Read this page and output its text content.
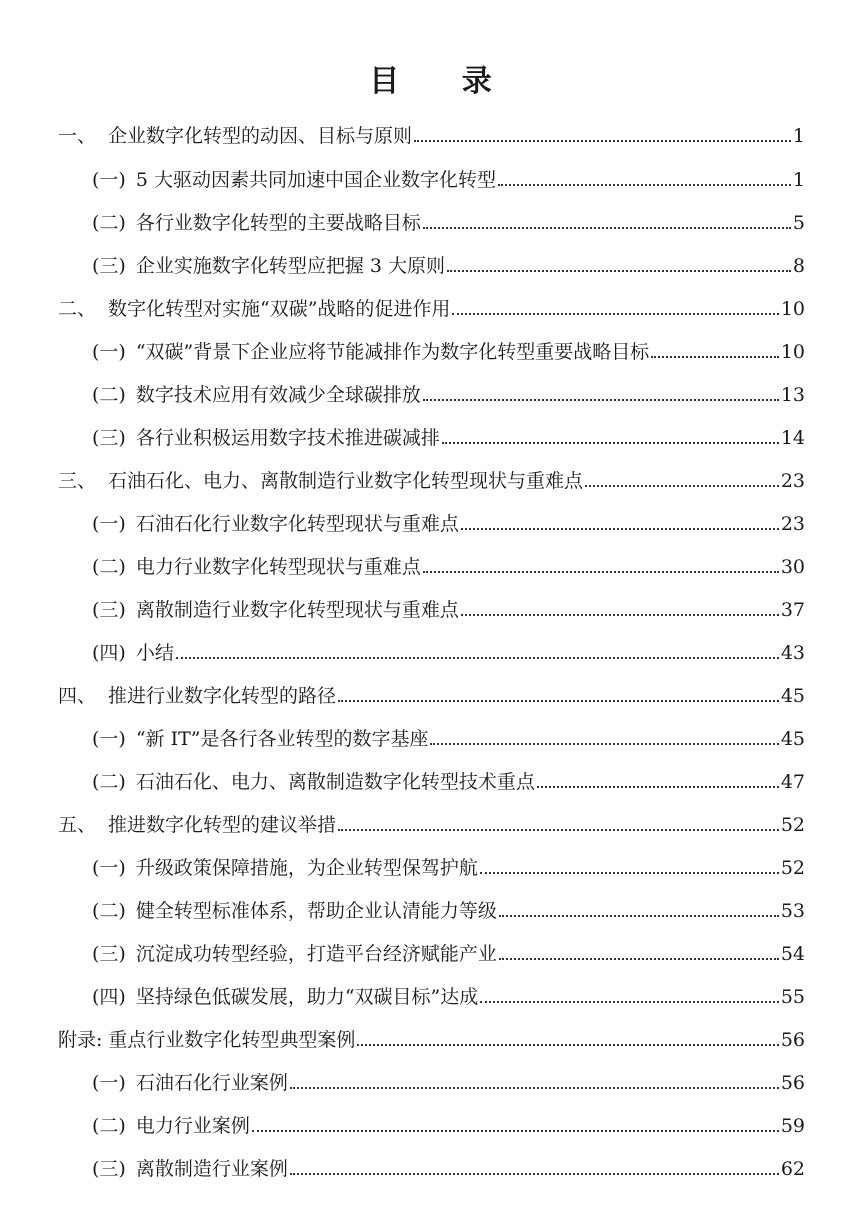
目 录
一、 企业数字化转型的动因、目标与原则	1
(一) 5 大驱动因素共同加速中国企业数字化转型	1
(二) 各行业数字化转型的主要战略目标	5
(三) 企业实施数字化转型应把握 3 大原则	8
二、 数字化转型对实施“双碳”战略的促进作用	10
(一) “双碳”背景下企业应将节能减排作为数字化转型重要战略目标	10
(二) 数字技术应用有效减少全球碳排放	13
(三) 各行业积极运用数字技术推进碳减排	14
三、 石油石化、电力、离散制造行业数字化转型现状与重难点	23
(一) 石油石化行业数字化转型现状与重难点	23
(二) 电力行业数字化转型现状与重难点	30
(三) 离散制造行业数字化转型现状与重难点	37
(四) 小结	43
四、 推进行业数字化转型的路径	45
(一) “新 IT”是各行各业转型的数字基座	45
(二) 石油石化、电力、离散制造数字化转型技术重点	47
五、 推进数字化转型的建议举措	52
(一) 升级政策保障措施，为企业转型保驾护航	52
(二) 健全转型标准体系，帮助企业认清能力等级	53
(三) 沉淀成功转型经验，打造平台经济赋能产业	54
(四) 坚持绿色低碳发展，助力“双碳目标”达成	55
附录: 重点行业数字化转型典型案例	56
(一) 石油石化行业案例	56
(二) 电力行业案例	59
(三) 离散制造行业案例	62
